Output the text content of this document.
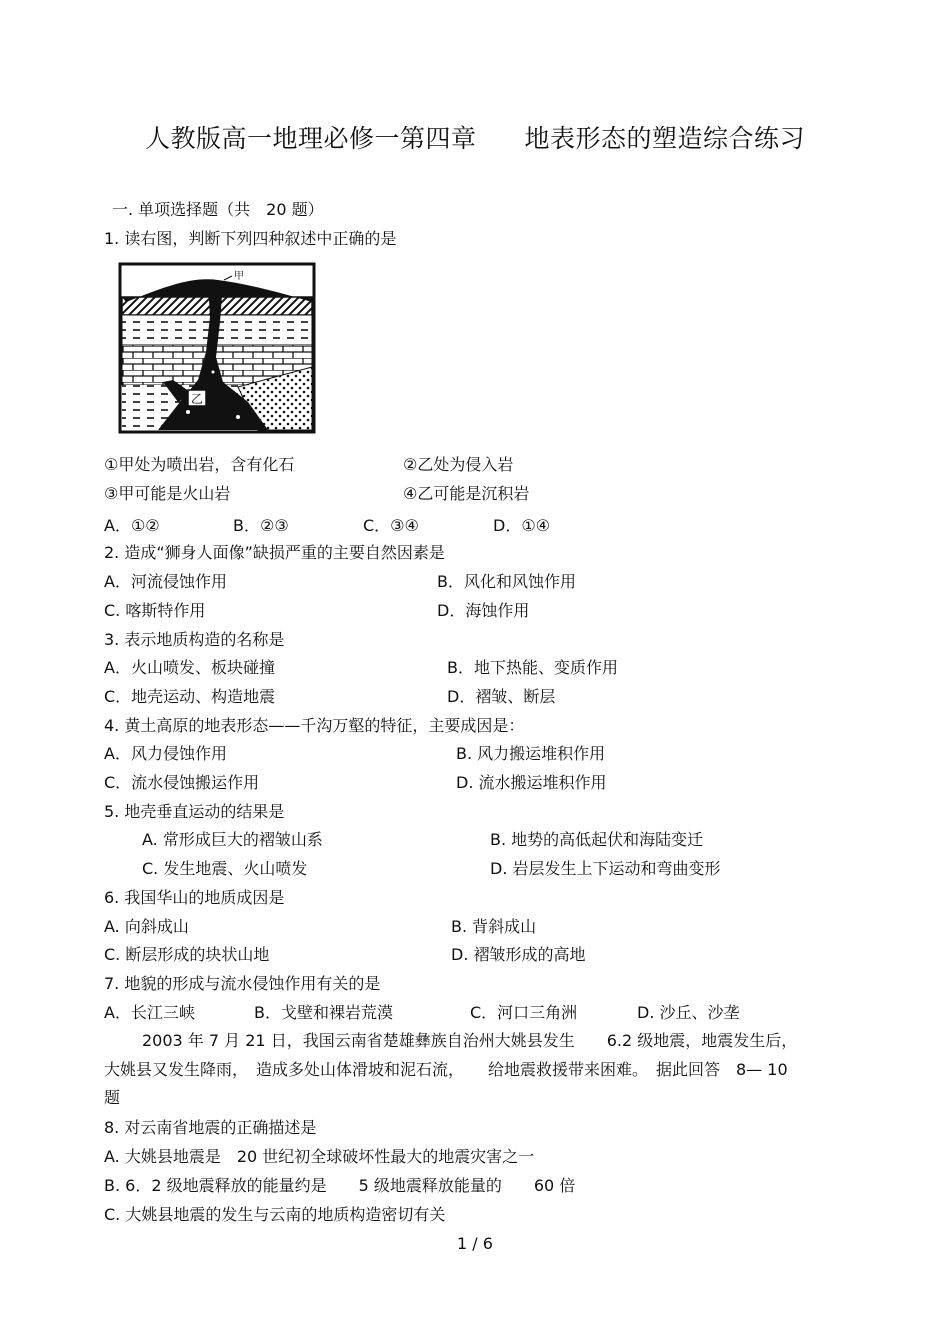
人教版高一地理必修一第四章 地表形态的塑造综合练习
一. 单项选择题（共　20 题）
1. 读右图，判断下列四种叙述中正确的是
乙
甲
①甲处为喷出岩，含有化石	②乙处为侵入岩
③甲可能是火山岩	④乙可能是沉积岩
A．①②	B．②③	C．③④	D．①④
2. 造成“狮身人面像”缺损严重的主要自然因素是
A．河流侵蚀作用	B．风化和风蚀作用
C. 喀斯特作用	D．海蚀作用
3. 表示地质构造的名称是
A．火山喷发、板块碰撞	B．地下热能、变质作用
C．地壳运动、构造地震	D．褶皱、断层
4. 黄土高原的地表形态——千沟万壑的特征，主要成因是：
A．风力侵蚀作用	B. 风力搬运堆积作用
C．流水侵蚀搬运作用	D. 流水搬运堆积作用
5. 地壳垂直运动的结果是
A. 常形成巨大的褶皱山系	B. 地势的高低起伏和海陆变迁
C. 发生地震、火山喷发	D. 岩层发生上下运动和弯曲变形
6. 我国华山的地质成因是
A. 向斜成山	B. 背斜成山
C. 断层形成的块状山地	D. 褶皱形成的高地
7. 地貌的形成与流水侵蚀作用有关的是
A．长江三峡	B．戈壁和裸岩荒漠	C．河口三角洲	D. 沙丘、沙垄
2003 年 7 月 21 日，我国云南省楚雄彝族自治州大姚县发生　　6.2 级地震，地震发生后，
大姚县又发生降雨，　造成多处山体滑坡和泥石流，　　给地震救援带来困难。　据此回答　8— 10
题
8. 对云南省地震的正确描述是
A. 大姚县地震是　20 世纪初全球破坏性最大的地震灾害之一
B. 6．2 级地震释放的能量约是　　5 级地震释放能量的　　60 倍
C. 大姚县地震的发生与云南的地质构造密切有关
1 / 6
